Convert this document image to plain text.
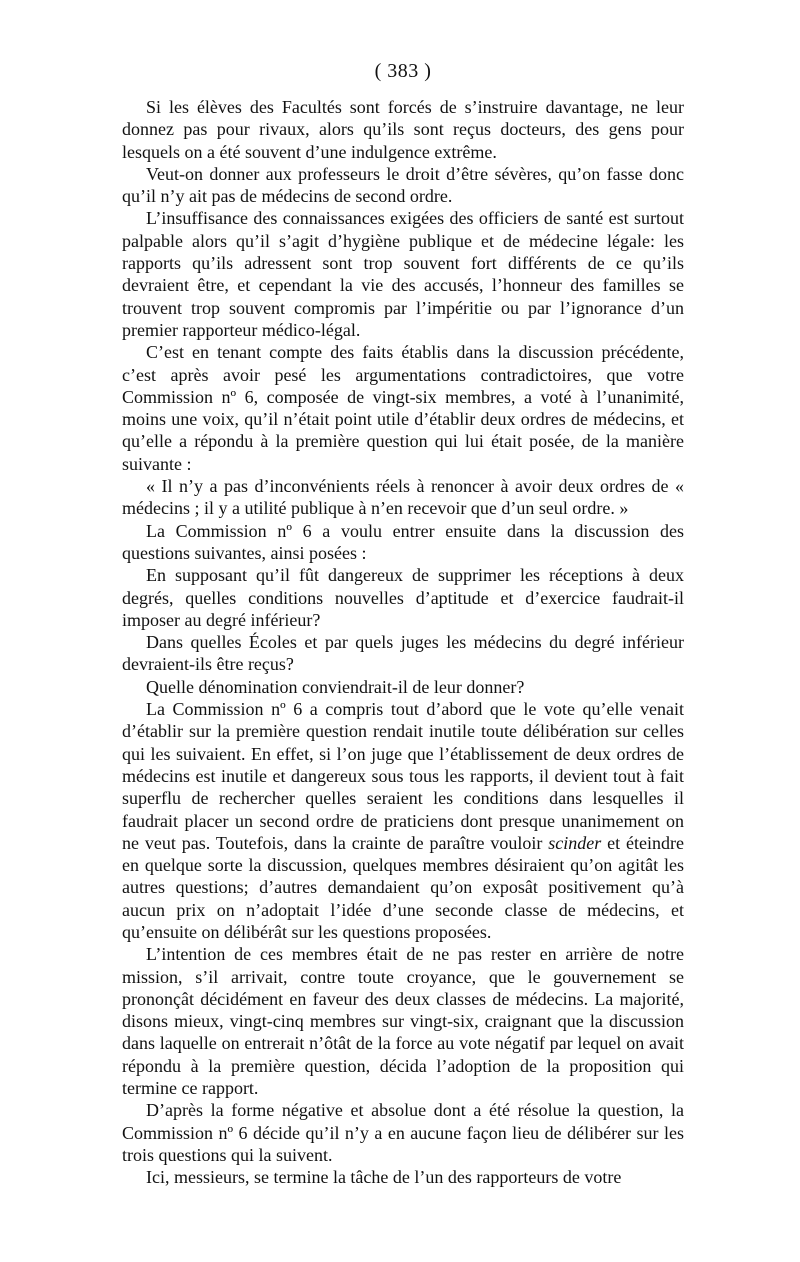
( 383 )

Si les élèves des Facultés sont forcés de s’instruire davantage, ne leur donnez pas pour rivaux, alors qu’ils sont reçus docteurs, des gens pour lesquels on a été souvent d’une indulgence extrême.

Veut-on donner aux professeurs le droit d’être sévères, qu’on fasse donc qu’il n’y ait pas de médecins de second ordre.

L’insuffisance des connaissances exigées des officiers de santé est surtout palpable alors qu’il s’agit d’hygiène publique et de médecine légale: les rapports qu’ils adressent sont trop souvent fort différents de ce qu’ils devraient être, et cependant la vie des accusés, l’honneur des familles se trouvent trop souvent compromis par l’impéritie ou par l’ignorance d’un premier rapporteur médico-légal.

C’est en tenant compte des faits établis dans la discussion précédente, c’est après avoir pesé les argumentations contradictoires, que votre Commission nº 6, composée de vingt-six membres, a voté à l’unanimité, moins une voix, qu’il n’était point utile d’établir deux ordres de médecins, et qu’elle a répondu à la première question qui lui était posée, de la manière suivante :

« Il n’y a pas d’inconvénients réels à renoncer à avoir deux ordres de « médecins ; il y a utilité publique à n’en recevoir que d’un seul ordre. »

La Commission nº 6 a voulu entrer ensuite dans la discussion des questions suivantes, ainsi posées :

En supposant qu’il fût dangereux de supprimer les réceptions à deux degrés, quelles conditions nouvelles d’aptitude et d’exercice faudrait-il imposer au degré inférieur?

Dans quelles Écoles et par quels juges les médecins du degré inférieur devraient-ils être reçus?

Quelle dénomination conviendrait-il de leur donner?

La Commission nº 6 a compris tout d’abord que le vote qu’elle venait d’établir sur la première question rendait inutile toute délibération sur celles qui les suivaient. En effet, si l’on juge que l’établissement de deux ordres de médecins est inutile et dangereux sous tous les rapports, il devient tout à fait superflu de rechercher quelles seraient les conditions dans lesquelles il faudrait placer un second ordre de praticiens dont presque unanimement on ne veut pas. Toutefois, dans la crainte de paraître vouloir scinder et éteindre en quelque sorte la discussion, quelques membres désiraient qu’on agitât les autres questions; d’autres demandaient qu’on exposât positivement qu’à aucun prix on n’adoptait l’idée d’une seconde classe de médecins, et qu’ensuite on délibérât sur les questions proposées.

L’intention de ces membres était de ne pas rester en arrière de notre mission, s’il arrivait, contre toute croyance, que le gouvernement se prononçât décidément en faveur des deux classes de médecins. La majorité, disons mieux, vingt-cinq membres sur vingt-six, craignant que la discussion dans laquelle on entrerait n’ôtât de la force au vote négatif par lequel on avait répondu à la première question, décida l’adoption de la proposition qui termine ce rapport.

D’après la forme négative et absolue dont a été résolue la question, la Commission nº 6 décide qu’il n’y a en aucune façon lieu de délibérer sur les trois questions qui la suivent.

Ici, messieurs, se termine la tâche de l’un des rapporteurs de votre
